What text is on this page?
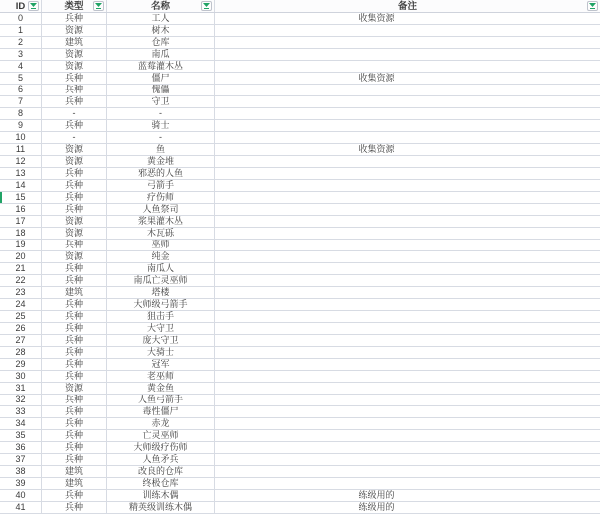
ID	类型	名称	备注
0	兵种	工人	收集资源
1	资源	树木
2	建筑	仓库
3	资源	南瓜
4	资源	蓝莓灌木丛
5	兵种	僵尸	收集资源
6	兵种	傀儡
7	兵种	守卫
8	-	-
9	兵种	骑士
10	-	-
11	资源	鱼	收集资源
12	资源	黄金堆
13	兵种	邪恶的人鱼
14	兵种	弓箭手
15	兵种	疗伤师
16	兵种	人鱼祭司
17	资源	浆果灌木丛
18	资源	木瓦砾
19	兵种	巫师
20	资源	纯金
21	兵种	南瓜人
22	兵种	南瓜亡灵巫师
23	建筑	塔楼
24	兵种	大师级弓箭手
25	兵种	狙击手
26	兵种	大守卫
27	兵种	庞大守卫
28	兵种	大骑士
29	兵种	冠军
30	兵种	老巫师
31	资源	黄金鱼
32	兵种	人鱼弓箭手
33	兵种	毒性僵尸
34	兵种	赤龙
35	兵种	亡灵巫师
36	兵种	大师级疗伤师
37	兵种	人鱼矛兵
38	建筑	改良的仓库
39	建筑	终极仓库
40	兵种	训练木偶	练级用的
41	兵种	精英级训练木偶	练级用的
